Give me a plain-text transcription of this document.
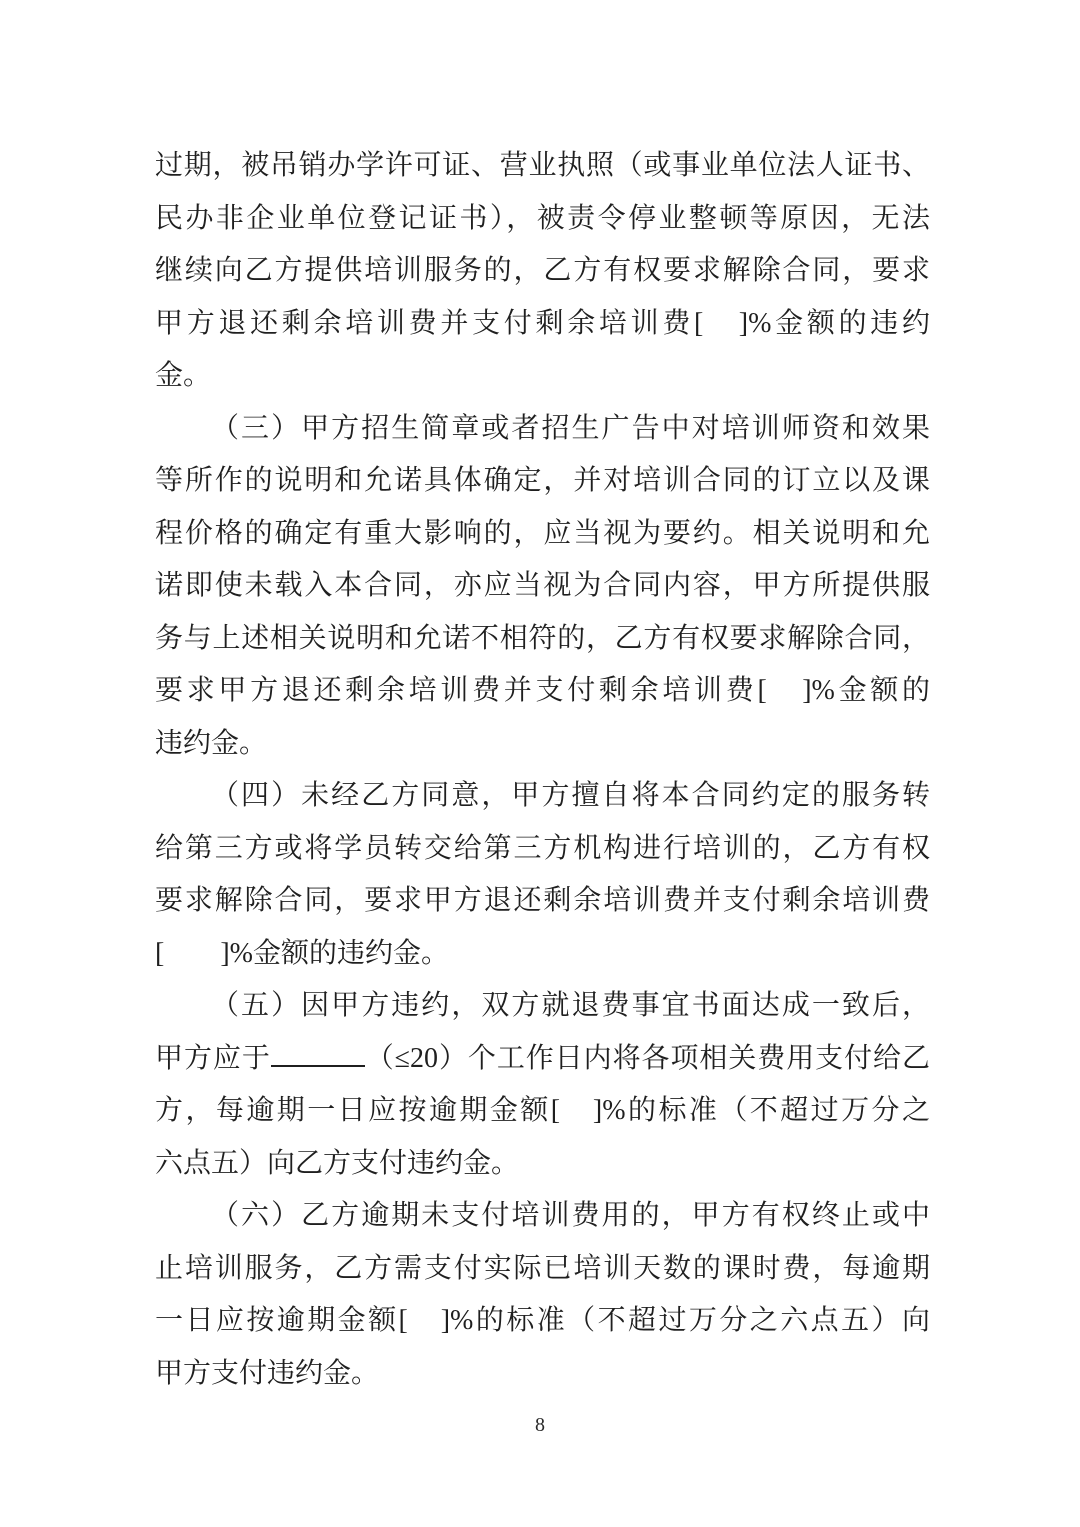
过期，被吊销办学许可证、营业执照（或事业单位法人证书、
民办非企业单位登记证书），被责令停业整顿等原因，无法
继续向乙方提供培训服务的，乙方有权要求解除合同，要求
甲方退还剩余培训费并支付剩余培训费[　]%金额的违约
金。
（三）甲方招生简章或者招生广告中对培训师资和效果
等所作的说明和允诺具体确定，并对培训合同的订立以及课
程价格的确定有重大影响的，应当视为要约。相关说明和允
诺即使未载入本合同，亦应当视为合同内容，甲方所提供服
务与上述相关说明和允诺不相符的，乙方有权要求解除合同，
要求甲方退还剩余培训费并支付剩余培训费[　]%金额的
违约金。
（四）未经乙方同意，甲方擅自将本合同约定的服务转
给第三方或将学员转交给第三方机构进行培训的，乙方有权
要求解除合同，要求甲方退还剩余培训费并支付剩余培训费
[　　]%金额的违约金。
（五）因甲方违约，双方就退费事宜书面达成一致后，
甲方应于	（≤20）个工作日内将各项相关费用支付给乙
方，每逾期一日应按逾期金额[　]%的标准（不超过万分之
六点五）向乙方支付违约金。
（六）乙方逾期未支付培训费用的，甲方有权终止或中
止培训服务，乙方需支付实际已培训天数的课时费，每逾期
一日应按逾期金额[　]%的标准（不超过万分之六点五）向
甲方支付违约金。
8
